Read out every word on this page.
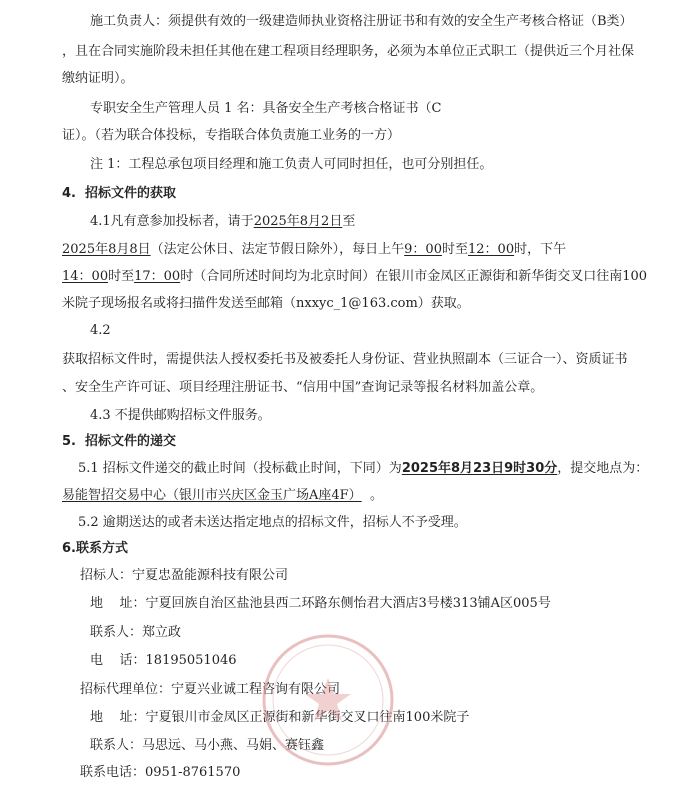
施工负责人：须提供有效的一级建造师执业资格注册证书和有效的安全生产考核合格证（B类）
，且在合同实施阶段未担任其他在建工程项目经理职务，必须为本单位正式职工（提供近三个月社保
缴纳证明）。
专职安全生产管理人员 1 名：具备安全生产考核合格证书（C
证）。（若为联合体投标，专指联合体负责施工业务的一方）
注 1：工程总承包项目经理和施工负责人可同时担任，也可分别担任。
4.  招标文件的获取
4.1凡有意参加投标者，请于2025年8月2日至
2025年8月8日（法定公休日、法定节假日除外），每日上午9：00时至12：00时，下午
14：00时至17：00时（合同所述时间均为北京时间）在银川市金凤区正源街和新华街交叉口往南100
米院子现场报名或将扫描件发送至邮箱（nxxyc_1@163.com）获取。
4.2
获取招标文件时，需提供法人授权委托书及被委托人身份证、营业执照副本（三证合一）、资质证书
、安全生产许可证、项目经理注册证书、“信用中国”查询记录等报名材料加盖公章。
4.3 不提供邮购招标文件服务。
5.  招标文件的递交
5.1 招标文件递交的截止时间（投标截止时间，下同）为2025年8月23日9时30分，提交地点为：
易能智招交易中心（银川市兴庆区金玉广场A座4F）  。
5.2 逾期送达的或者未送达指定地点的招标文件，招标人不予受理。
6.联系方式
招标人：宁夏忠盈能源科技有限公司
地    址：宁夏回族自治区盐池县西二环路东侧怡君大酒店3号楼313铺A区005号
联系人：郑立政
电    话：18195051046
招标代理单位：宁夏兴业诚工程咨询有限公司
地    址：宁夏银川市金凤区正源街和新华街交叉口往南100米院子
联系人：马思远、马小燕、马娟、赛钰鑫
联系电话：0951-8761570
